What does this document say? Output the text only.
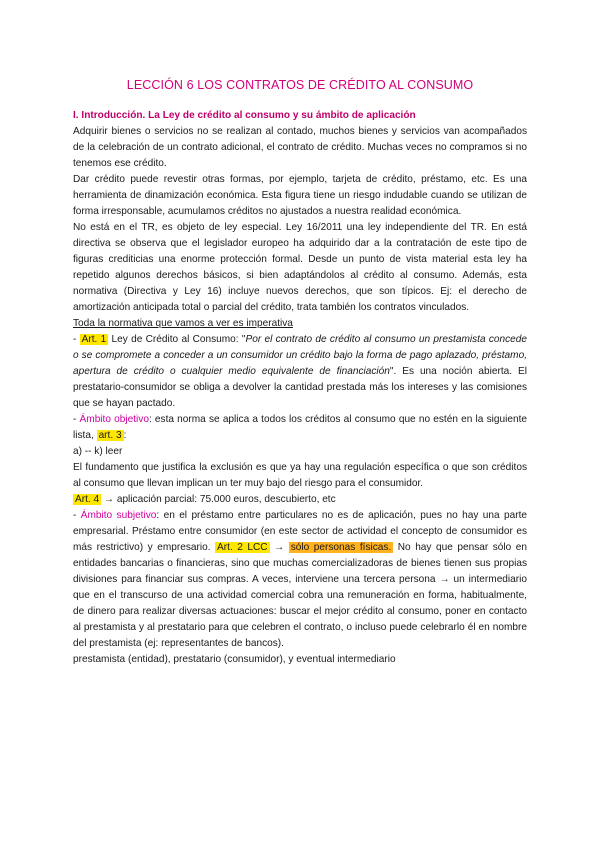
LECCIÓN 6 LOS CONTRATOS DE CRÉDITO AL CONSUMO

I. Introducción. La Ley de crédito al consumo y su ámbito de aplicación

Adquirir bienes o servicios no se realizan al contado, muchos bienes y servicios van acompañados de la celebración de un contrato adicional, el contrato de crédito. Muchas veces no compramos si no tenemos ese crédito.

Dar crédito puede revestir otras formas, por ejemplo, tarjeta de crédito, préstamo, etc. Es una herramienta de dinamización económica. Esta figura tiene un riesgo indudable cuando se utilizan de forma irresponsable, acumulamos créditos no ajustados a nuestra realidad económica.

No está en el TR, es objeto de ley especial. Ley 16/2011 una ley independiente del TR. En está directiva se observa que el legislador europeo ha adquirido dar a la contratación de este tipo de figuras crediticias una enorme protección formal. Desde un punto de vista material esta ley ha repetido algunos derechos básicos, si bien adaptándolos al crédito al consumo. Además, esta normativa (Directiva y Ley 16) incluye nuevos derechos, que son típicos. Ej: el derecho de amortización anticipada total o parcial del crédito, trata también los contratos vinculados.

Toda la normativa que vamos a ver es imperativa

- Art. 1 Ley de Crédito al Consumo: "Por el contrato de crédito al consumo un prestamista concede o se compromete a conceder a un consumidor un crédito bajo la forma de pago aplazado, préstamo, apertura de crédito o cualquier medio equivalente de financiación". Es una noción abierta. El prestatario-consumidor se obliga a devolver la cantidad prestada más los intereses y las comisiones que se hayan pactado.

- Ámbito objetivo: esta norma se aplica a todos los créditos al consumo que no estén en la siguiente lista, art. 3 :

a) -- k) leer

El fundamento que justifica la exclusión es que ya hay una regulación específica o que son créditos al consumo que llevan implican un ter muy bajo del riesgo para el consumidor.

Art. 4 → aplicación parcial: 75.000 euros, descubierto, etc

- Ámbito subjetivo: en el préstamo entre particulares no es de aplicación, pues no hay una parte empresarial. Préstamo entre consumidor (en este sector de actividad el concepto de consumidor es más restrictivo) y empresario. Art. 2 LCC → sólo personas físicas. No hay que pensar sólo en entidades bancarias o financieras, sino que muchas comercializadoras de bienes tienen sus propias divisiones para financiar sus compras. A veces, interviene una tercera persona → un intermediario que en el transcurso de una actividad comercial cobra una remuneración en forma, habitualmente, de dinero para realizar diversas actuaciones: buscar el mejor crédito al consumo, poner en contacto al prestamista y al prestatario para que celebren el contrato, o incluso puede celebrarlo él en nombre del prestamista (ej: representantes de bancos).

prestamista (entidad), prestatario (consumidor), y eventual intermediario
